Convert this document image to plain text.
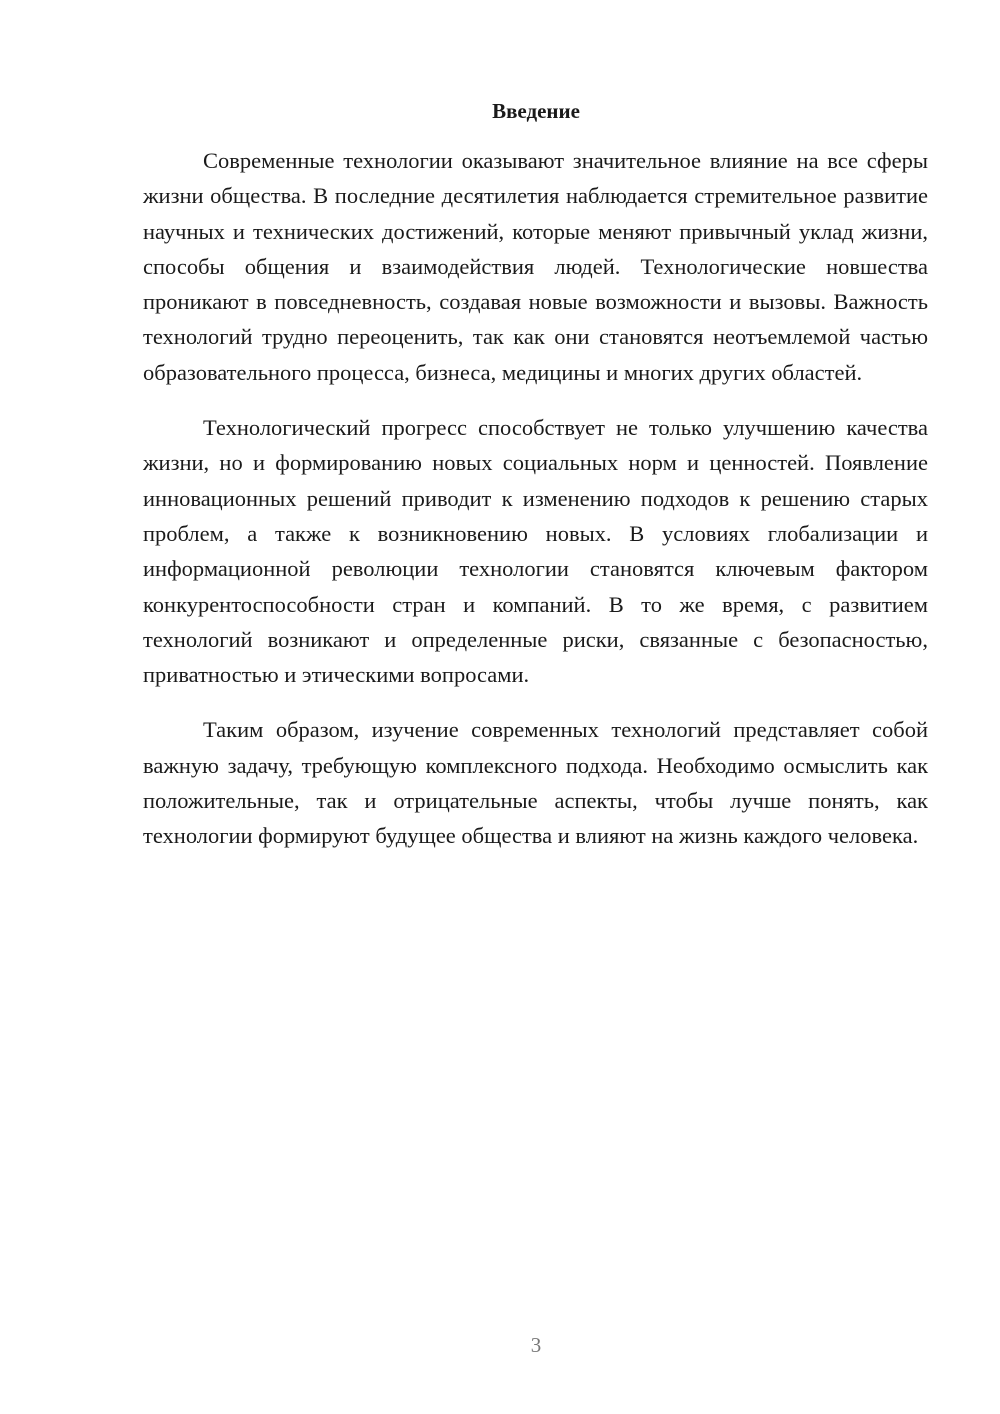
Введение

Современные технологии оказывают значительное влияние на все сферы жизни общества. В последние десятилетия наблюдается стремительное развитие научных и технических достижений, которые меняют привычный уклад жизни, способы общения и взаимодействия людей. Технологические новшества проникают в повседневность, создавая новые возможности и вызовы. Важность технологий трудно переоценить, так как они становятся неотъемлемой частью образовательного процесса, бизнеса, медицины и многих других областей.

Технологический прогресс способствует не только улучшению качества жизни, но и формированию новых социальных норм и ценностей. Появление инновационных решений приводит к изменению подходов к решению старых проблем, а также к возникновению новых. В условиях глобализации и информационной революции технологии становятся ключевым фактором конкурентоспособности стран и компаний. В то же время, с развитием технологий возникают и определенные риски, связанные с безопасностью, приватностью и этическими вопросами.

Таким образом, изучение современных технологий представляет собой важную задачу, требующую комплексного подхода. Необходимо осмыслить как положительные, так и отрицательные аспекты, чтобы лучше понять, как технологии формируют будущее общества и влияют на жизнь каждого человека.

3
